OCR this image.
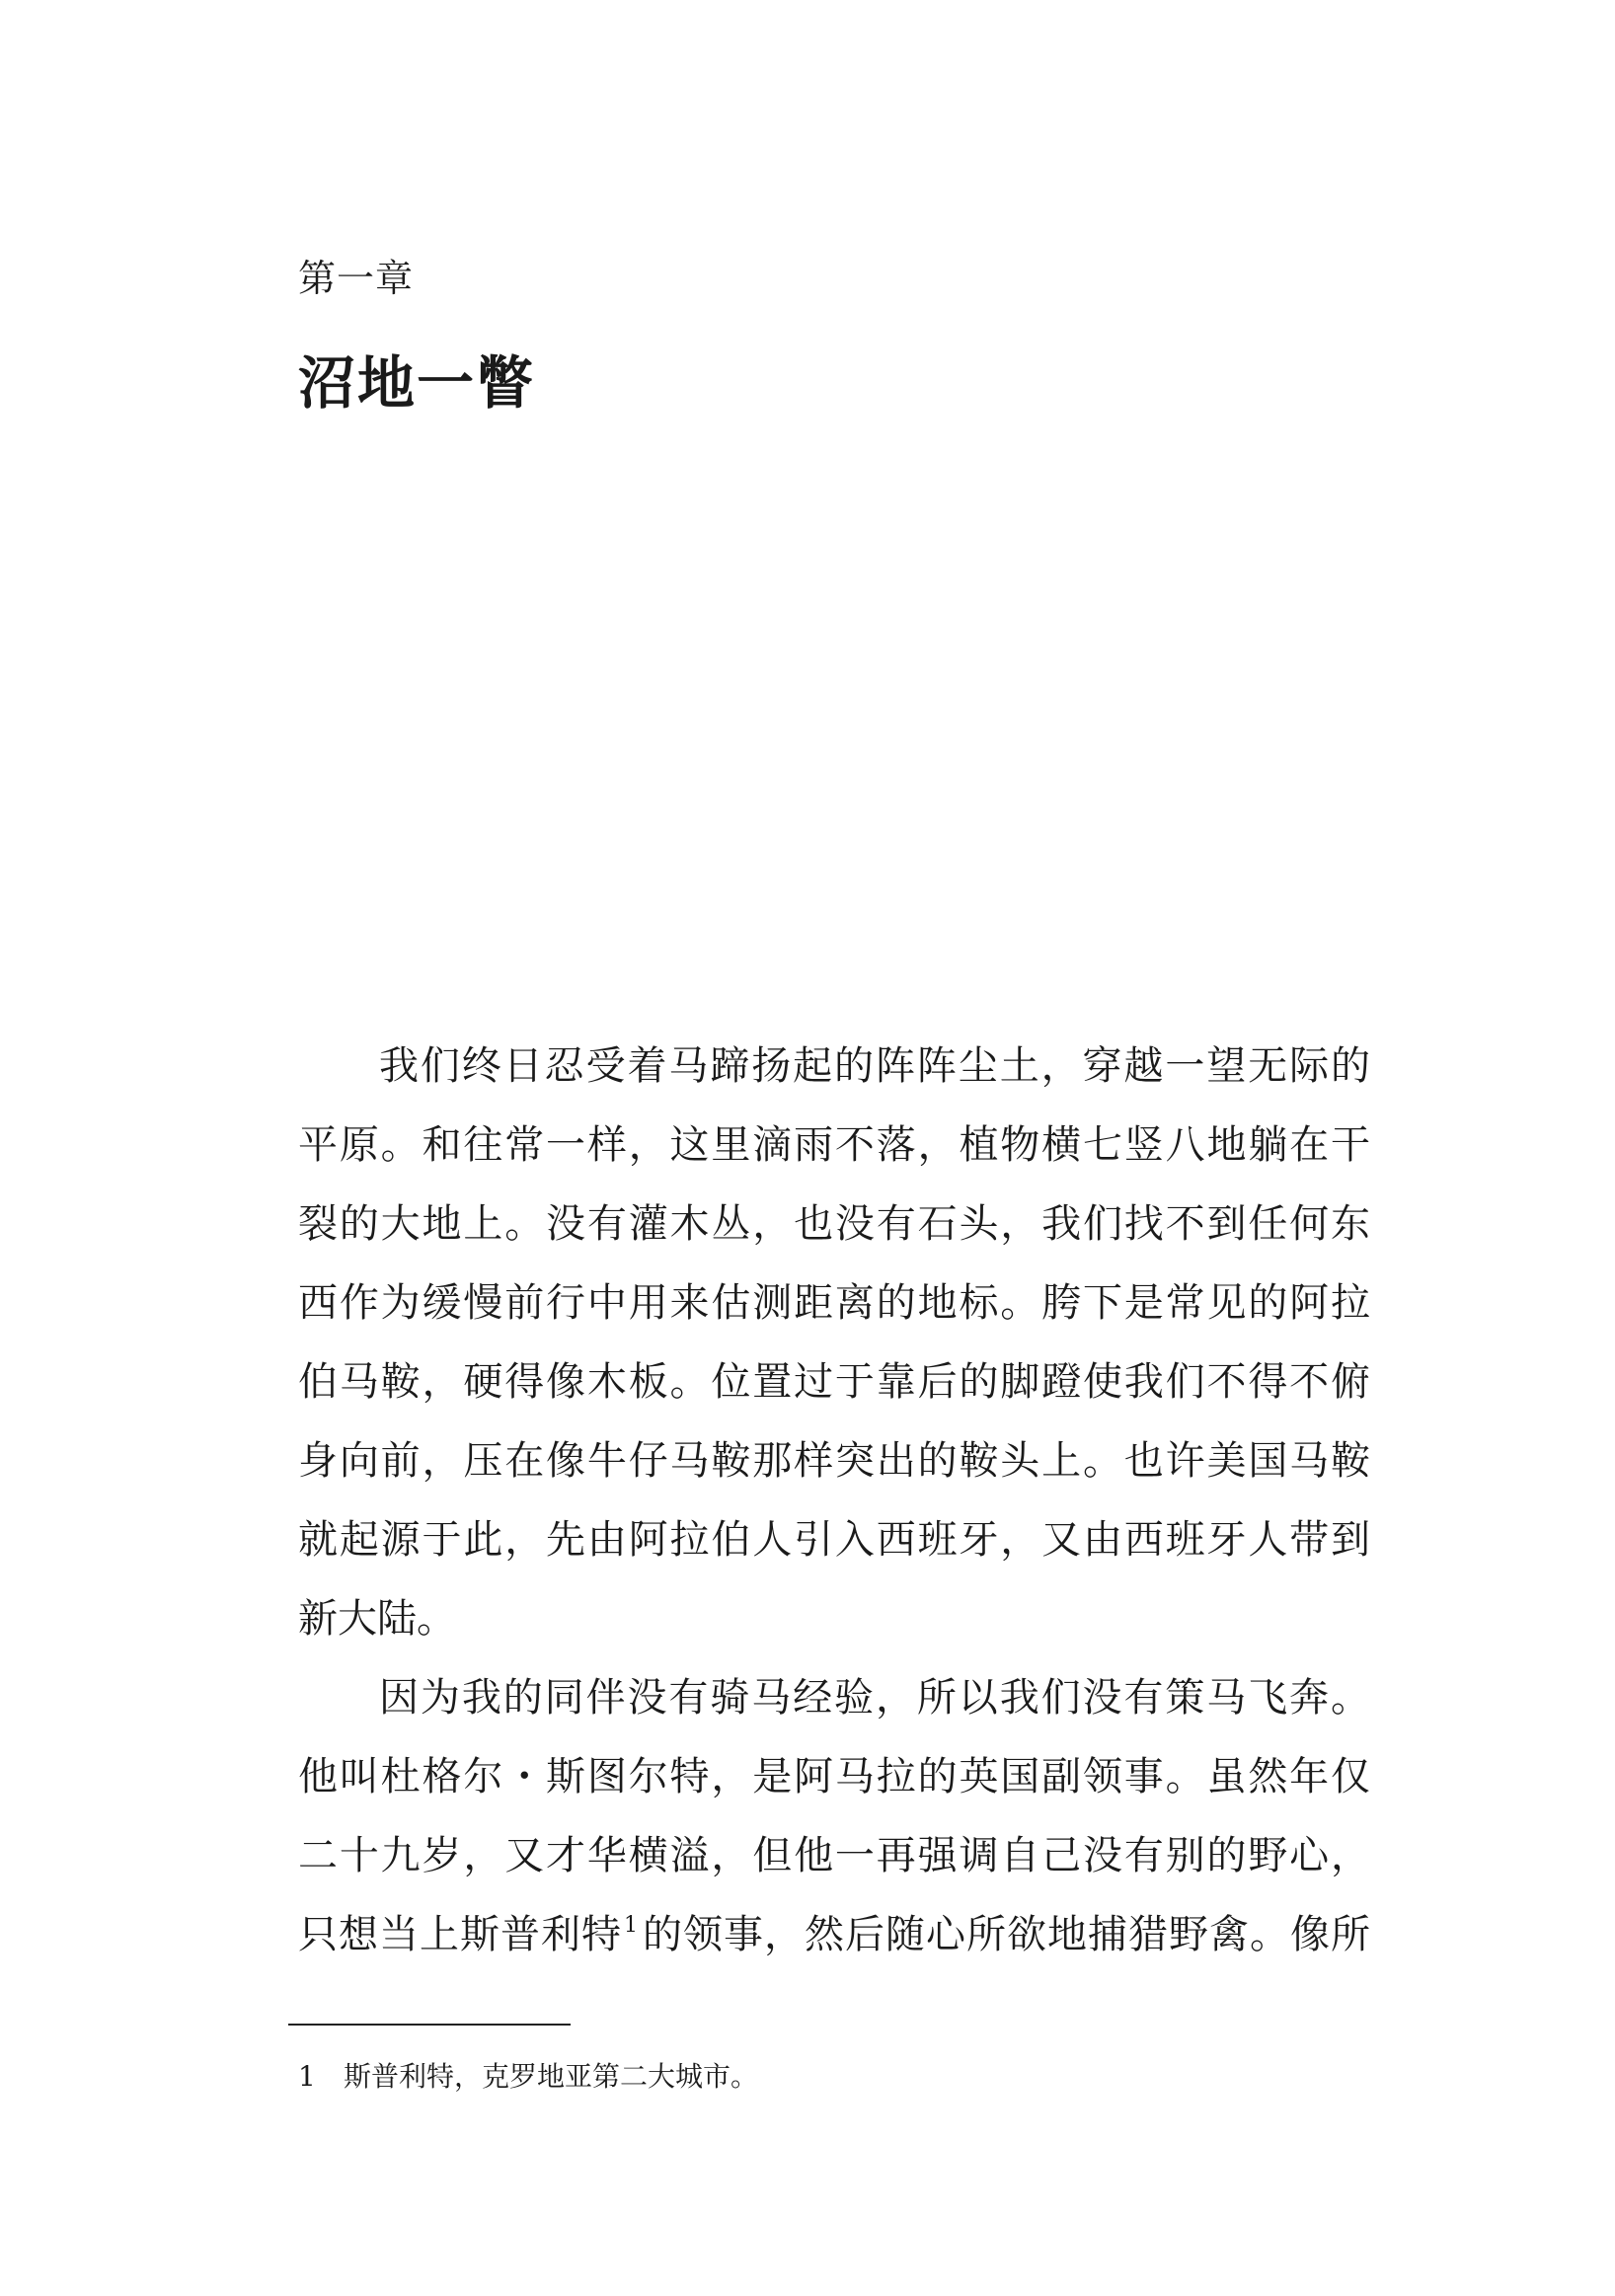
第一章
沼地一瞥
我们终日忍受着马蹄扬起的阵阵尘土，穿越一望无际的
平原。和往常一样，这里滴雨不落，植物横七竖八地躺在干
裂的大地上。没有灌木丛，也没有石头，我们找不到任何东
西作为缓慢前行中用来估测距离的地标。胯下是常见的阿拉
伯马鞍，硬得像木板。位置过于靠后的脚蹬使我们不得不俯
身向前，压在像牛仔马鞍那样突出的鞍头上。也许美国马鞍
就起源于此，先由阿拉伯人引入西班牙，又由西班牙人带到
新大陆。
因为我的同伴没有骑马经验，所以我们没有策马飞奔。
他叫杜格尔・斯图尔特，是阿马拉的英国副领事。虽然年仅
二十九岁，又才华横溢，但他一再强调自己没有别的野心，
只想当上斯普利特$^1$ 的领事，然后随心所欲地捕猎野禽。像所
1 斯普利特，克罗地亚第二大城市。
